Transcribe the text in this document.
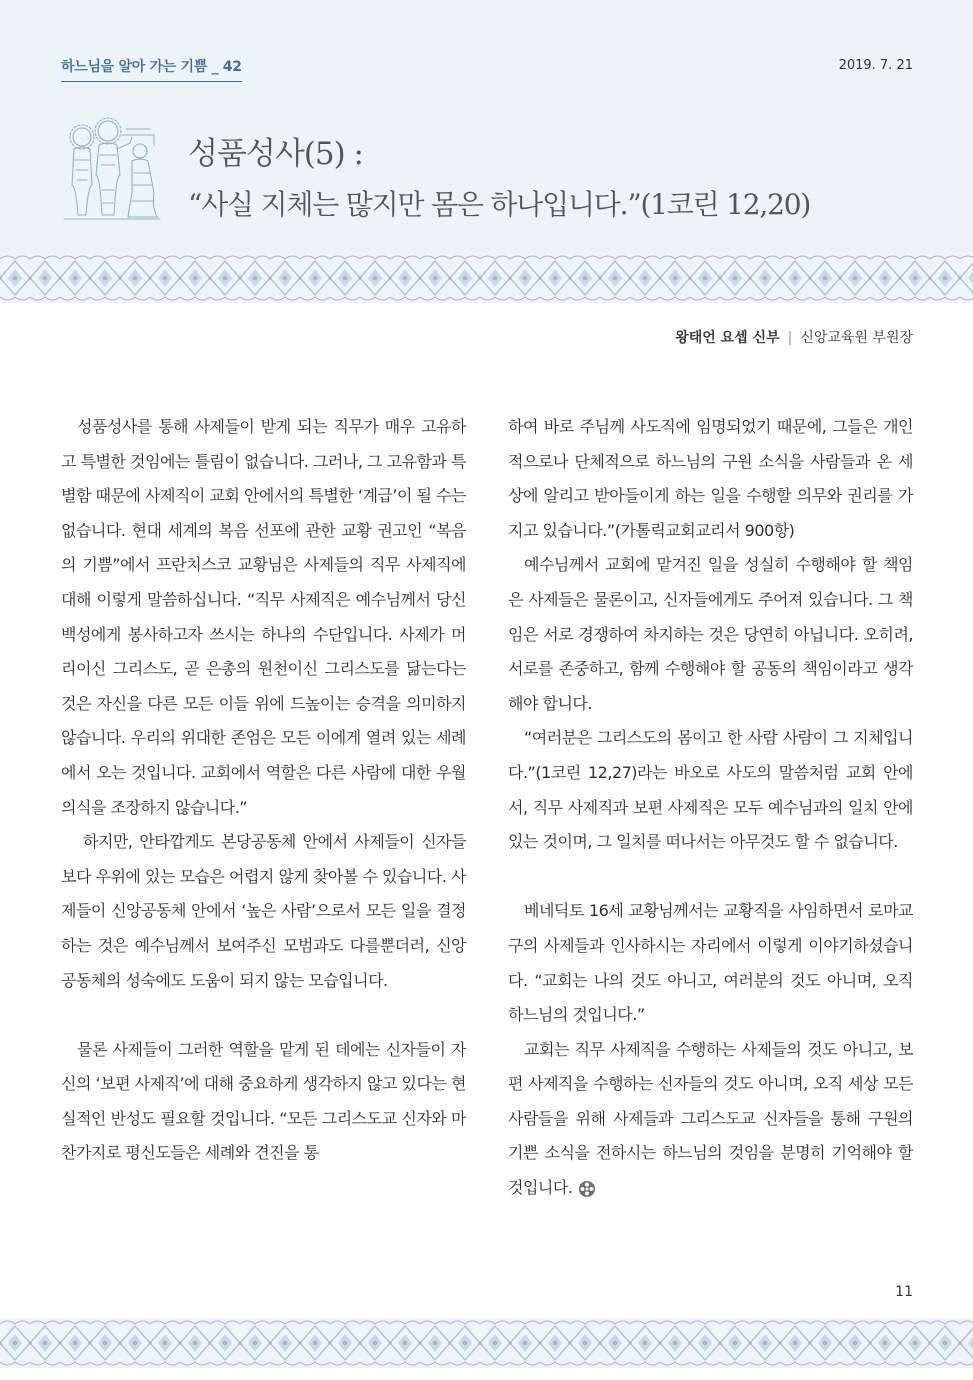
하느님을 알아 가는 기쁨 _ 42	2019. 7. 21
성품성사(5) :
“사실 지체는 많지만 몸은 하나입니다.”(1코린 12,20)
왕태언 요셉 신부 | 신앙교육원 부원장

성품성사를 통해 사제들이 받게 되는 직무가 매우 고유하고 특별한 것임에는 틀림이 없습니다. 그러나, 그 고유함과 특별함 때문에 사제직이 교회 안에서의 특별한 ‘계급’이 될 수는 없습니다. 현대 세계의 복음 선포에 관한 교황 권고인 “복음의 기쁨”에서 프란치스코 교황님은 사제들의 직무 사제직에 대해 이렇게 말씀하십니다. “직무 사제직은 예수님께서 당신 백성에게 봉사하고자 쓰시는 하나의 수단입니다. 사제가 머리이신 그리스도, 곧 은총의 원천이신 그리스도를 닮는다는 것은 자신을 다른 모든 이들 위에 드높이는 승격을 의미하지 않습니다. 우리의 위대한 존엄은 모든 이에게 열려 있는 세례에서 오는 것입니다. 교회에서 역할은 다른 사람에 대한 우월 의식을 조장하지 않습니다.”

하지만, 안타깝게도 본당공동체 안에서 사제들이 신자들보다 우위에 있는 모습은 어렵지 않게 찾아볼 수 있습니다. 사제들이 신앙공동체 안에서 ‘높은 사람’으로서 모든 일을 결정하는 것은 예수님께서 보여주신 모범과도 다를뿐더러, 신앙공동체의 성숙에도 도움이 되지 않는 모습입니다.

물론 사제들이 그러한 역할을 맡게 된 데에는 신자들이 자신의 ‘보편 사제직’에 대해 중요하게 생각하지 않고 있다는 현실적인 반성도 필요할 것입니다. “모든 그리스도교 신자와 마찬가지로 평신도들은 세례와 견진을 통

하여 바로 주님께 사도직에 임명되었기 때문에, 그들은 개인적으로나 단체적으로 하느님의 구원 소식을 사람들과 온 세상에 알리고 받아들이게 하는 일을 수행할 의무와 권리를 가지고 있습니다.”(가톨릭교회교리서 900항)

예수님께서 교회에 맡겨진 일을 성실히 수행해야 할 책임은 사제들은 물론이고, 신자들에게도 주어져 있습니다. 그 책임은 서로 경쟁하여 차지하는 것은 당연히 아닙니다. 오히려, 서로를 존중하고, 함께 수행해야 할 공동의 책임이라고 생각해야 합니다.

“여러분은 그리스도의 몸이고 한 사람 사람이 그 지체입니다.”(1코린 12,27)라는 바오로 사도의 말씀처럼 교회 안에서, 직무 사제직과 보편 사제직은 모두 예수님과의 일치 안에 있는 것이며, 그 일치를 떠나서는 아무것도 할 수 없습니다.

베네딕토 16세 교황님께서는 교황직을 사임하면서 로마교구의 사제들과 인사하시는 자리에서 이렇게 이야기하셨습니다. “교회는 나의 것도 아니고, 여러분의 것도 아니며, 오직 하느님의 것입니다.”

교회는 직무 사제직을 수행하는 사제들의 것도 아니고, 보편 사제직을 수행하는 신자들의 것도 아니며, 오직 세상 모든 사람들을 위해 사제들과 그리스도교 신자들을 통해 구원의 기쁜 소식을 전하시는 하느님의 것임을 분명히 기억해야 할 것입니다.

11
